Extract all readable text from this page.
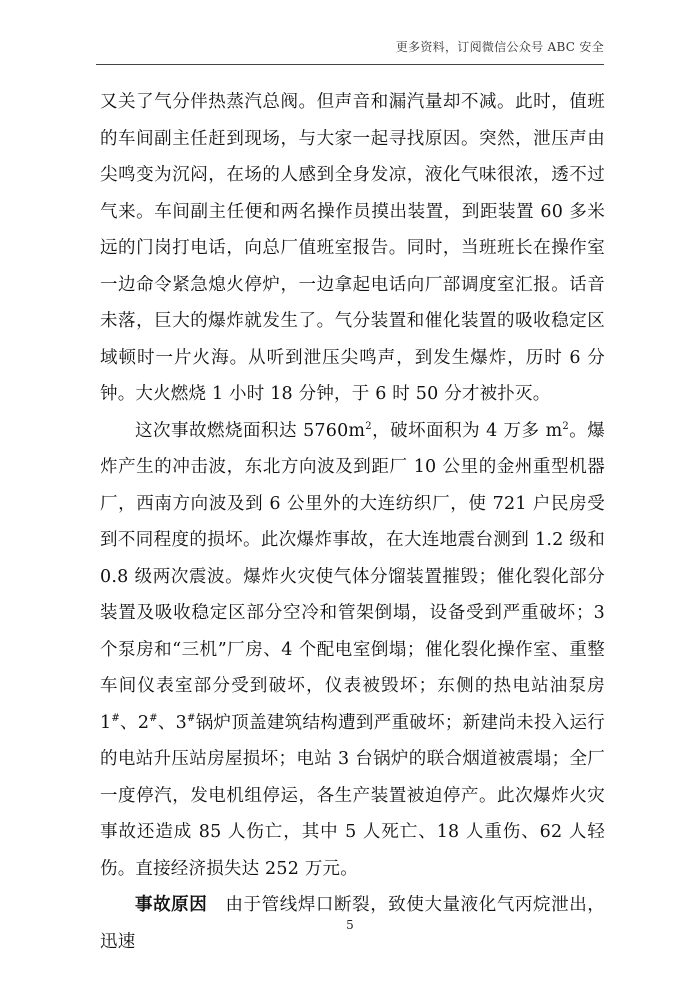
更多资料，订阅微信公众号 ABC 安全

又关了气分伴热蒸汽总阀。但声音和漏汽量却不减。此时，值班的车间副主任赶到现场，与大家一起寻找原因。突然，泄压声由尖鸣变为沉闷，在场的人感到全身发凉，液化气味很浓，透不过气来。车间副主任便和两名操作员摸出装置，到距装置 60 多米远的门岗打电话，向总厂值班室报告。同时，当班班长在操作室一边命令紧急熄火停炉，一边拿起电话向厂部调度室汇报。话音未落，巨大的爆炸就发生了。气分装置和催化装置的吸收稳定区域顿时一片火海。从听到泄压尖鸣声，到发生爆炸，历时 6 分钟。大火燃烧 1 小时 18 分钟，于 6 时 50 分才被扑灭。

这次事故燃烧面积达 $5760m^2$，破坏面积为 4 万多 $m^2$。爆炸产生的冲击波，东北方向波及到距厂 10 公里的金州重型机器厂，西南方向波及到 6 公里外的大连纺织厂，使 721 户民房受到不同程度的损坏。此次爆炸事故，在大连地震台测到 1.2 级和 0.8 级两次震波。爆炸火灾使气体分馏装置摧毁；催化裂化部分装置及吸收稳定区部分空冷和管架倒塌，设备受到严重破坏；3 个泵房和“三机”厂房、4 个配电室倒塌；催化裂化操作室、重整车间仪表室部分受到破坏，仪表被毁坏；东侧的热电站油泵房 1#、2#、3#锅炉顶盖建筑结构遭到严重破坏；新建尚未投入运行的电站升压站房屋损坏；电站 3 台锅炉的联合烟道被震塌；全厂一度停汽，发电机组停运，各生产装置被迫停产。此次爆炸火灾事故还造成 85 人伤亡，其中 5 人死亡、18 人重伤、62 人轻伤。直接经济损失达 252 万元。

事故原因　由于管线焊口断裂，致使大量液化气丙烷泄出，迅速

5
